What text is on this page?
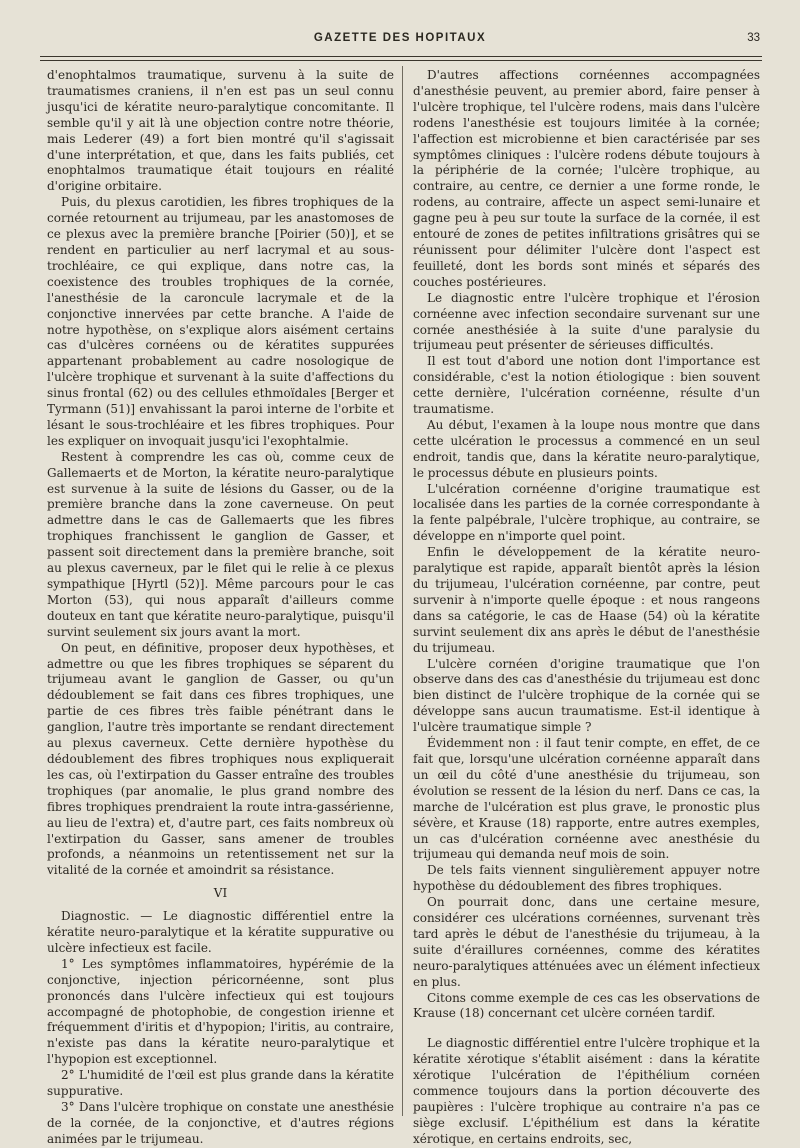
GAZETTE DES HOPITAUX	33

d'enophtalmos traumatique, survenu à la suite de traumatismes craniens, il n'en est pas un seul connu jusqu'ici de kératite neuro-paralytique concomitante. Il semble qu'il y ait là une objection contre notre théorie, mais Lederer (49) a fort bien montré qu'il s'agissait d'une interprétation, et que, dans les faits publiés, cet enophtalmos traumatique était toujours en réalité d'origine orbitaire.

Puis, du plexus carotidien, les fibres trophiques de la cornée retournent au trijumeau, par les anastomoses de ce plexus avec la première branche [Poirier (50)], et se rendent en particulier au nerf lacrymal et au sous-trochléaire, ce qui explique, dans notre cas, la coexistence des troubles trophiques de la cornée, l'anesthésie de la caroncule lacrymale et de la conjonctive innervées par cette branche. A l'aide de notre hypothèse, on s'explique alors aisément certains cas d'ulcères cornéens ou de kératites suppurées appartenant probablement au cadre nosologique de l'ulcère trophique et survenant à la suite d'affections du sinus frontal (62) ou des cellules ethmoïdales [Berger et Tyrmann (51)] envahissant la paroi interne de l'orbite et lésant le sous-trochléaire et les fibres trophiques. Pour les expliquer on invoquait jusqu'ici l'exophtalmie.

Restent à comprendre les cas où, comme ceux de Gallemaerts et de Morton, la kératite neuro-paralytique est survenue à la suite de lésions du Gasser, ou de la première branche dans la zone caverneuse. On peut admettre dans le cas de Gallemaerts que les fibres trophiques franchissent le ganglion de Gasser, et passent soit directement dans la première branche, soit au plexus caverneux, par le filet qui le relie à ce plexus sympathique [Hyrtl (52)]. Même parcours pour le cas Morton (53), qui nous apparaît d'ailleurs comme douteux en tant que kératite neuro-paralytique, puisqu'il survint seulement six jours avant la mort.

On peut, en définitive, proposer deux hypothèses, et admettre ou que les fibres trophiques se séparent du trijumeau avant le ganglion de Gasser, ou qu'un dédoublement se fait dans ces fibres trophiques, une partie de ces fibres très faible pénétrant dans le ganglion, l'autre très importante se rendant directement au plexus caverneux. Cette dernière hypothèse du dédoublement des fibres trophiques nous expliquerait les cas, où l'extirpation du Gasser entraîne des troubles trophiques (par anomalie, le plus grand nombre des fibres trophiques prendraient la route intra-gassérienne, au lieu de l'extra) et, d'autre part, ces faits nombreux où l'extirpation du Gasser, sans amener de troubles profonds, a néanmoins un retentissement net sur la vitalité de la cornée et amoindrit sa résistance.

VI

Diagnostic. — Le diagnostic différentiel entre la kératite neuro-paralytique et la kératite suppurative ou ulcère infectieux est facile.

1° Les symptômes inflammatoires, hypérémie de la conjonctive, injection péricornéenne, sont plus prononcés dans l'ulcère infectieux qui est toujours accompagné de photophobie, de congestion irienne et fréquemment d'iritis et d'hypopion; l'iritis, au contraire, n'existe pas dans la kératite neuro-paralytique et l'hypopion est exceptionnel.

2° L'humidité de l'œil est plus grande dans la kératite suppurative.

3° Dans l'ulcère trophique on constate une anesthésie de la cornée, de la conjonctive, et d'autres régions animées par le trijumeau.

D'autres affections cornéennes accompagnées d'anesthésie peuvent, au premier abord, faire penser à l'ulcère trophique, tel l'ulcère rodens, mais dans l'ulcère rodens l'anesthésie est toujours limitée à la cornée; l'affection est microbienne et bien caractérisée par ses symptômes cliniques : l'ulcère rodens débute toujours à la périphérie de la cornée; l'ulcère trophique, au contraire, au centre, ce dernier a une forme ronde, le rodens, au contraire, affecte un aspect semi-lunaire et gagne peu à peu sur toute la surface de la cornée, il est entouré de zones de petites infiltrations grisâtres qui se réunissent pour délimiter l'ulcère dont l'aspect est feuilleté, dont les bords sont minés et séparés des couches postérieures.

Le diagnostic entre l'ulcère trophique et l'érosion cornéenne avec infection secondaire survenant sur une cornée anesthésiée à la suite d'une paralysie du trijumeau peut présenter de sérieuses difficultés.

Il est tout d'abord une notion dont l'importance est considérable, c'est la notion étiologique : bien souvent cette dernière, l'ulcération cornéenne, résulte d'un traumatisme.

Au début, l'examen à la loupe nous montre que dans cette ulcération le processus a commencé en un seul endroit, tandis que, dans la kératite neuro-paralytique, le processus débute en plusieurs points.

L'ulcération cornéenne d'origine traumatique est localisée dans les parties de la cornée correspondante à la fente palpébrale, l'ulcère trophique, au contraire, se développe en n'importe quel point.

Enfin le développement de la kératite neuro-paralytique est rapide, apparaît bientôt après la lésion du trijumeau, l'ulcération cornéenne, par contre, peut survenir à n'importe quelle époque : et nous rangeons dans sa catégorie, le cas de Haase (54) où la kératite survint seulement dix ans après le début de l'anesthésie du trijumeau.

L'ulcère cornéen d'origine traumatique que l'on observe dans des cas d'anesthésie du trijumeau est donc bien distinct de l'ulcère trophique de la cornée qui se développe sans aucun traumatisme. Est-il identique à l'ulcère traumatique simple ?

Évidemment non : il faut tenir compte, en effet, de ce fait que, lorsqu'une ulcération cornéenne apparaît dans un œil du côté d'une anesthésie du trijumeau, son évolution se ressent de la lésion du nerf. Dans ce cas, la marche de l'ulcération est plus grave, le pronostic plus sévère, et Krause (18) rapporte, entre autres exemples, un cas d'ulcération cornéenne avec anesthésie du trijumeau qui demanda neuf mois de soin.

De tels faits viennent singulièrement appuyer notre hypothèse du dédoublement des fibres trophiques.

On pourrait donc, dans une certaine mesure, considérer ces ulcérations cornéennes, survenant très tard après le début de l'anesthésie du trijumeau, à la suite d'éraillures cornéennes, comme des kératites neuro-paralytiques atténuées avec un élément infectieux en plus.

Citons comme exemple de ces cas les observations de Krause (18) concernant cet ulcère cornéen tardif.

Le diagnostic différentiel entre l'ulcère trophique et la kératite xérotique s'établit aisément : dans la kératite xérotique l'ulcération de l'épithélium cornéen commence toujours dans la portion découverte des paupières : l'ulcère trophique au contraire n'a pas ce siège exclusif. L'épithélium est dans la kératite xérotique, en certains endroits, sec,
